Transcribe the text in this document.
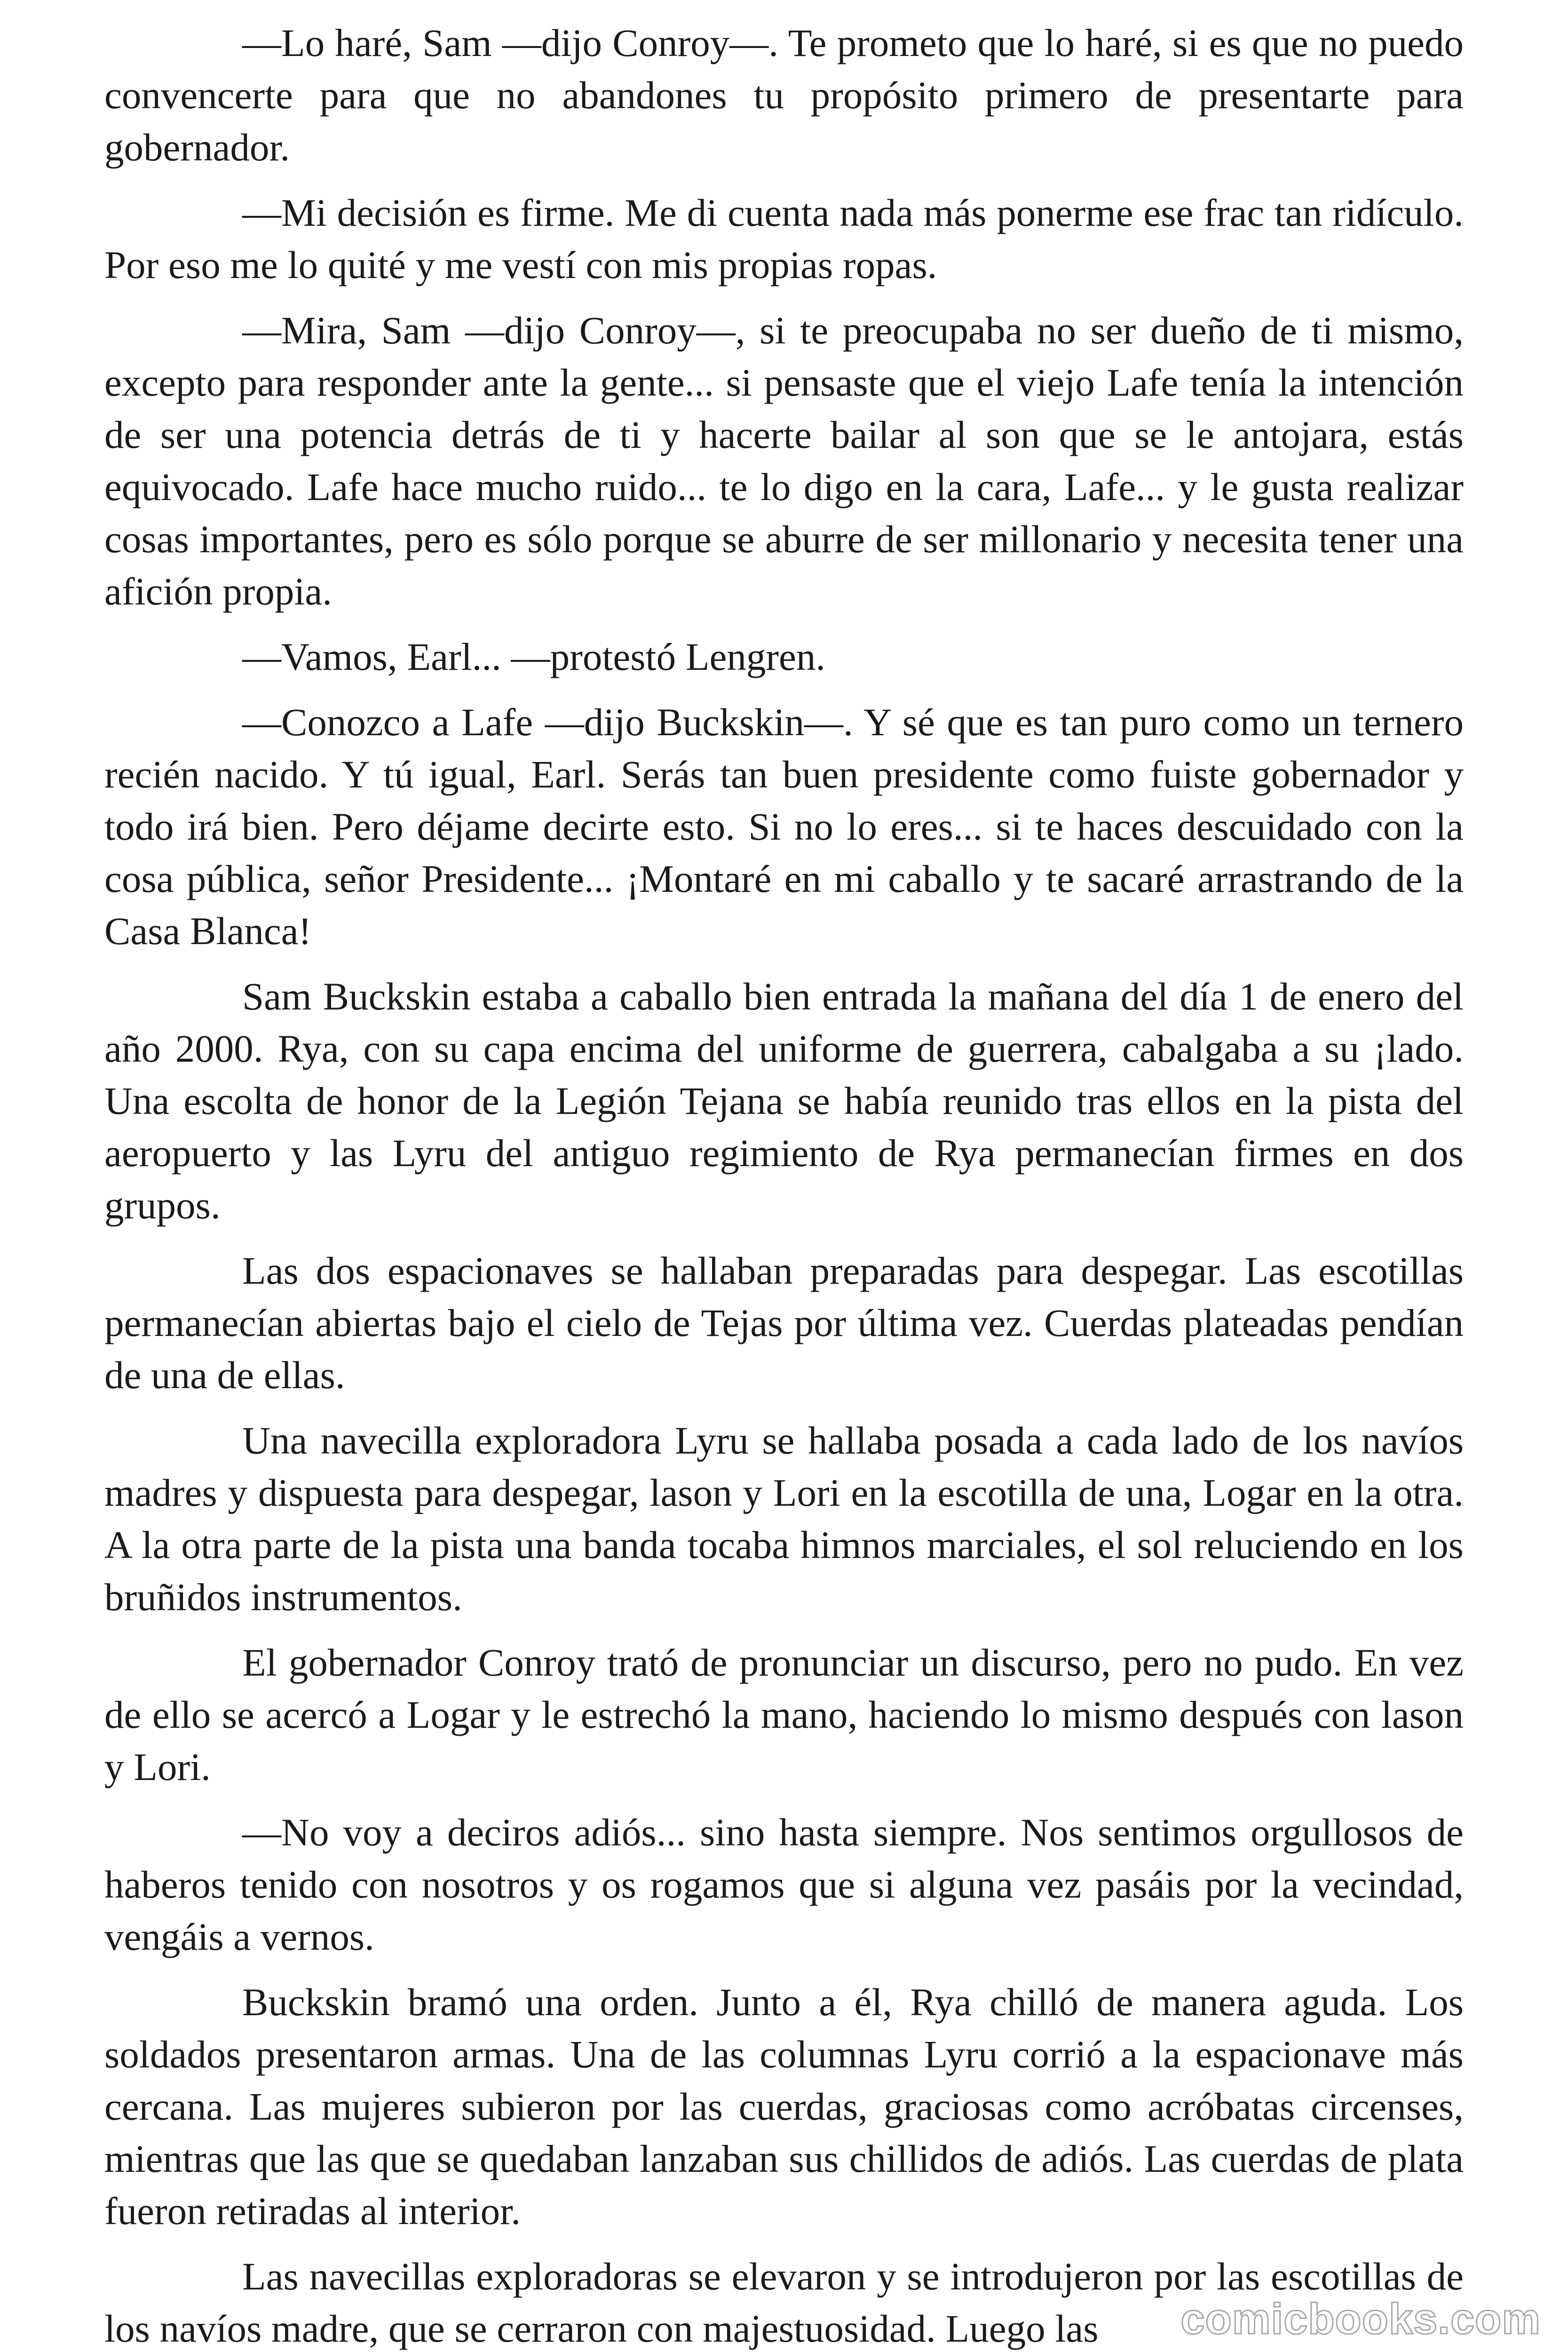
—Lo haré, Sam —dijo Conroy—. Te prometo que lo haré, si es que no puedo convencerte para que no abandones tu propósito primero de presentarte para gobernador.

—Mi decisión es firme. Me di cuenta nada más ponerme ese frac tan ridículo. Por eso me lo quité y me vestí con mis propias ropas.

—Mira, Sam —dijo Conroy—, si te preocupaba no ser dueño de ti mismo, excepto para responder ante la gente... si pensaste que el viejo Lafe tenía la intención de ser una potencia detrás de ti y hacerte bailar al son que se le antojara, estás equivocado. Lafe hace mucho ruido... te lo digo en la cara, Lafe... y le gusta realizar cosas importantes, pero es sólo porque se aburre de ser millonario y necesita tener una afición propia.

—Vamos, Earl... —protestó Lengren.

—Conozco a Lafe —dijo Buckskin—. Y sé que es tan puro como un ternero recién nacido. Y tú igual, Earl. Serás tan buen presidente como fuiste gobernador y todo irá bien. Pero déjame decirte esto. Si no lo eres... si te haces descuidado con la cosa pública, señor Presidente... ¡Montaré en mi caballo y te sacaré arrastrando de la Casa Blanca!

Sam Buckskin estaba a caballo bien entrada la mañana del día 1 de enero del año 2000. Rya, con su capa encima del uniforme de guerrera, cabalgaba a su ¡lado. Una escolta de honor de la Legión Tejana se había reunido tras ellos en la pista del aeropuerto y las Lyru del antiguo regimiento de Rya permanecían firmes en dos grupos.

Las dos espacionaves se hallaban preparadas para despegar. Las escotillas permanecían abiertas bajo el cielo de Tejas por última vez. Cuerdas plateadas pendían de una de ellas.

Una navecilla exploradora Lyru se hallaba posada a cada lado de los navíos madres y dispuesta para despegar, lason y Lori en la escotilla de una, Logar en la otra. A la otra parte de la pista una banda tocaba himnos marciales, el sol reluciendo en los bruñidos instrumentos.

El gobernador Conroy trató de pronunciar un discurso, pero no pudo. En vez de ello se acercó a Logar y le estrechó la mano, haciendo lo mismo después con lason y Lori.

—No voy a deciros adiós... sino hasta siempre. Nos sentimos orgullosos de haberos tenido con nosotros y os rogamos que si alguna vez pasáis por la vecindad, vengáis a vernos.

Buckskin bramó una orden. Junto a él, Rya chilló de manera aguda. Los soldados presentaron armas. Una de las columnas Lyru corrió a la espacionave más cercana. Las mujeres subieron por las cuerdas, graciosas como acróbatas circenses, mientras que las que se quedaban lanzaban sus chillidos de adiós. Las cuerdas de plata fueron retiradas al interior.

Las navecillas exploradoras se elevaron y se introdujeron por las escotillas de los navíos madre, que se cerraron con majestuosidad. Luego las	comicbooks.com
